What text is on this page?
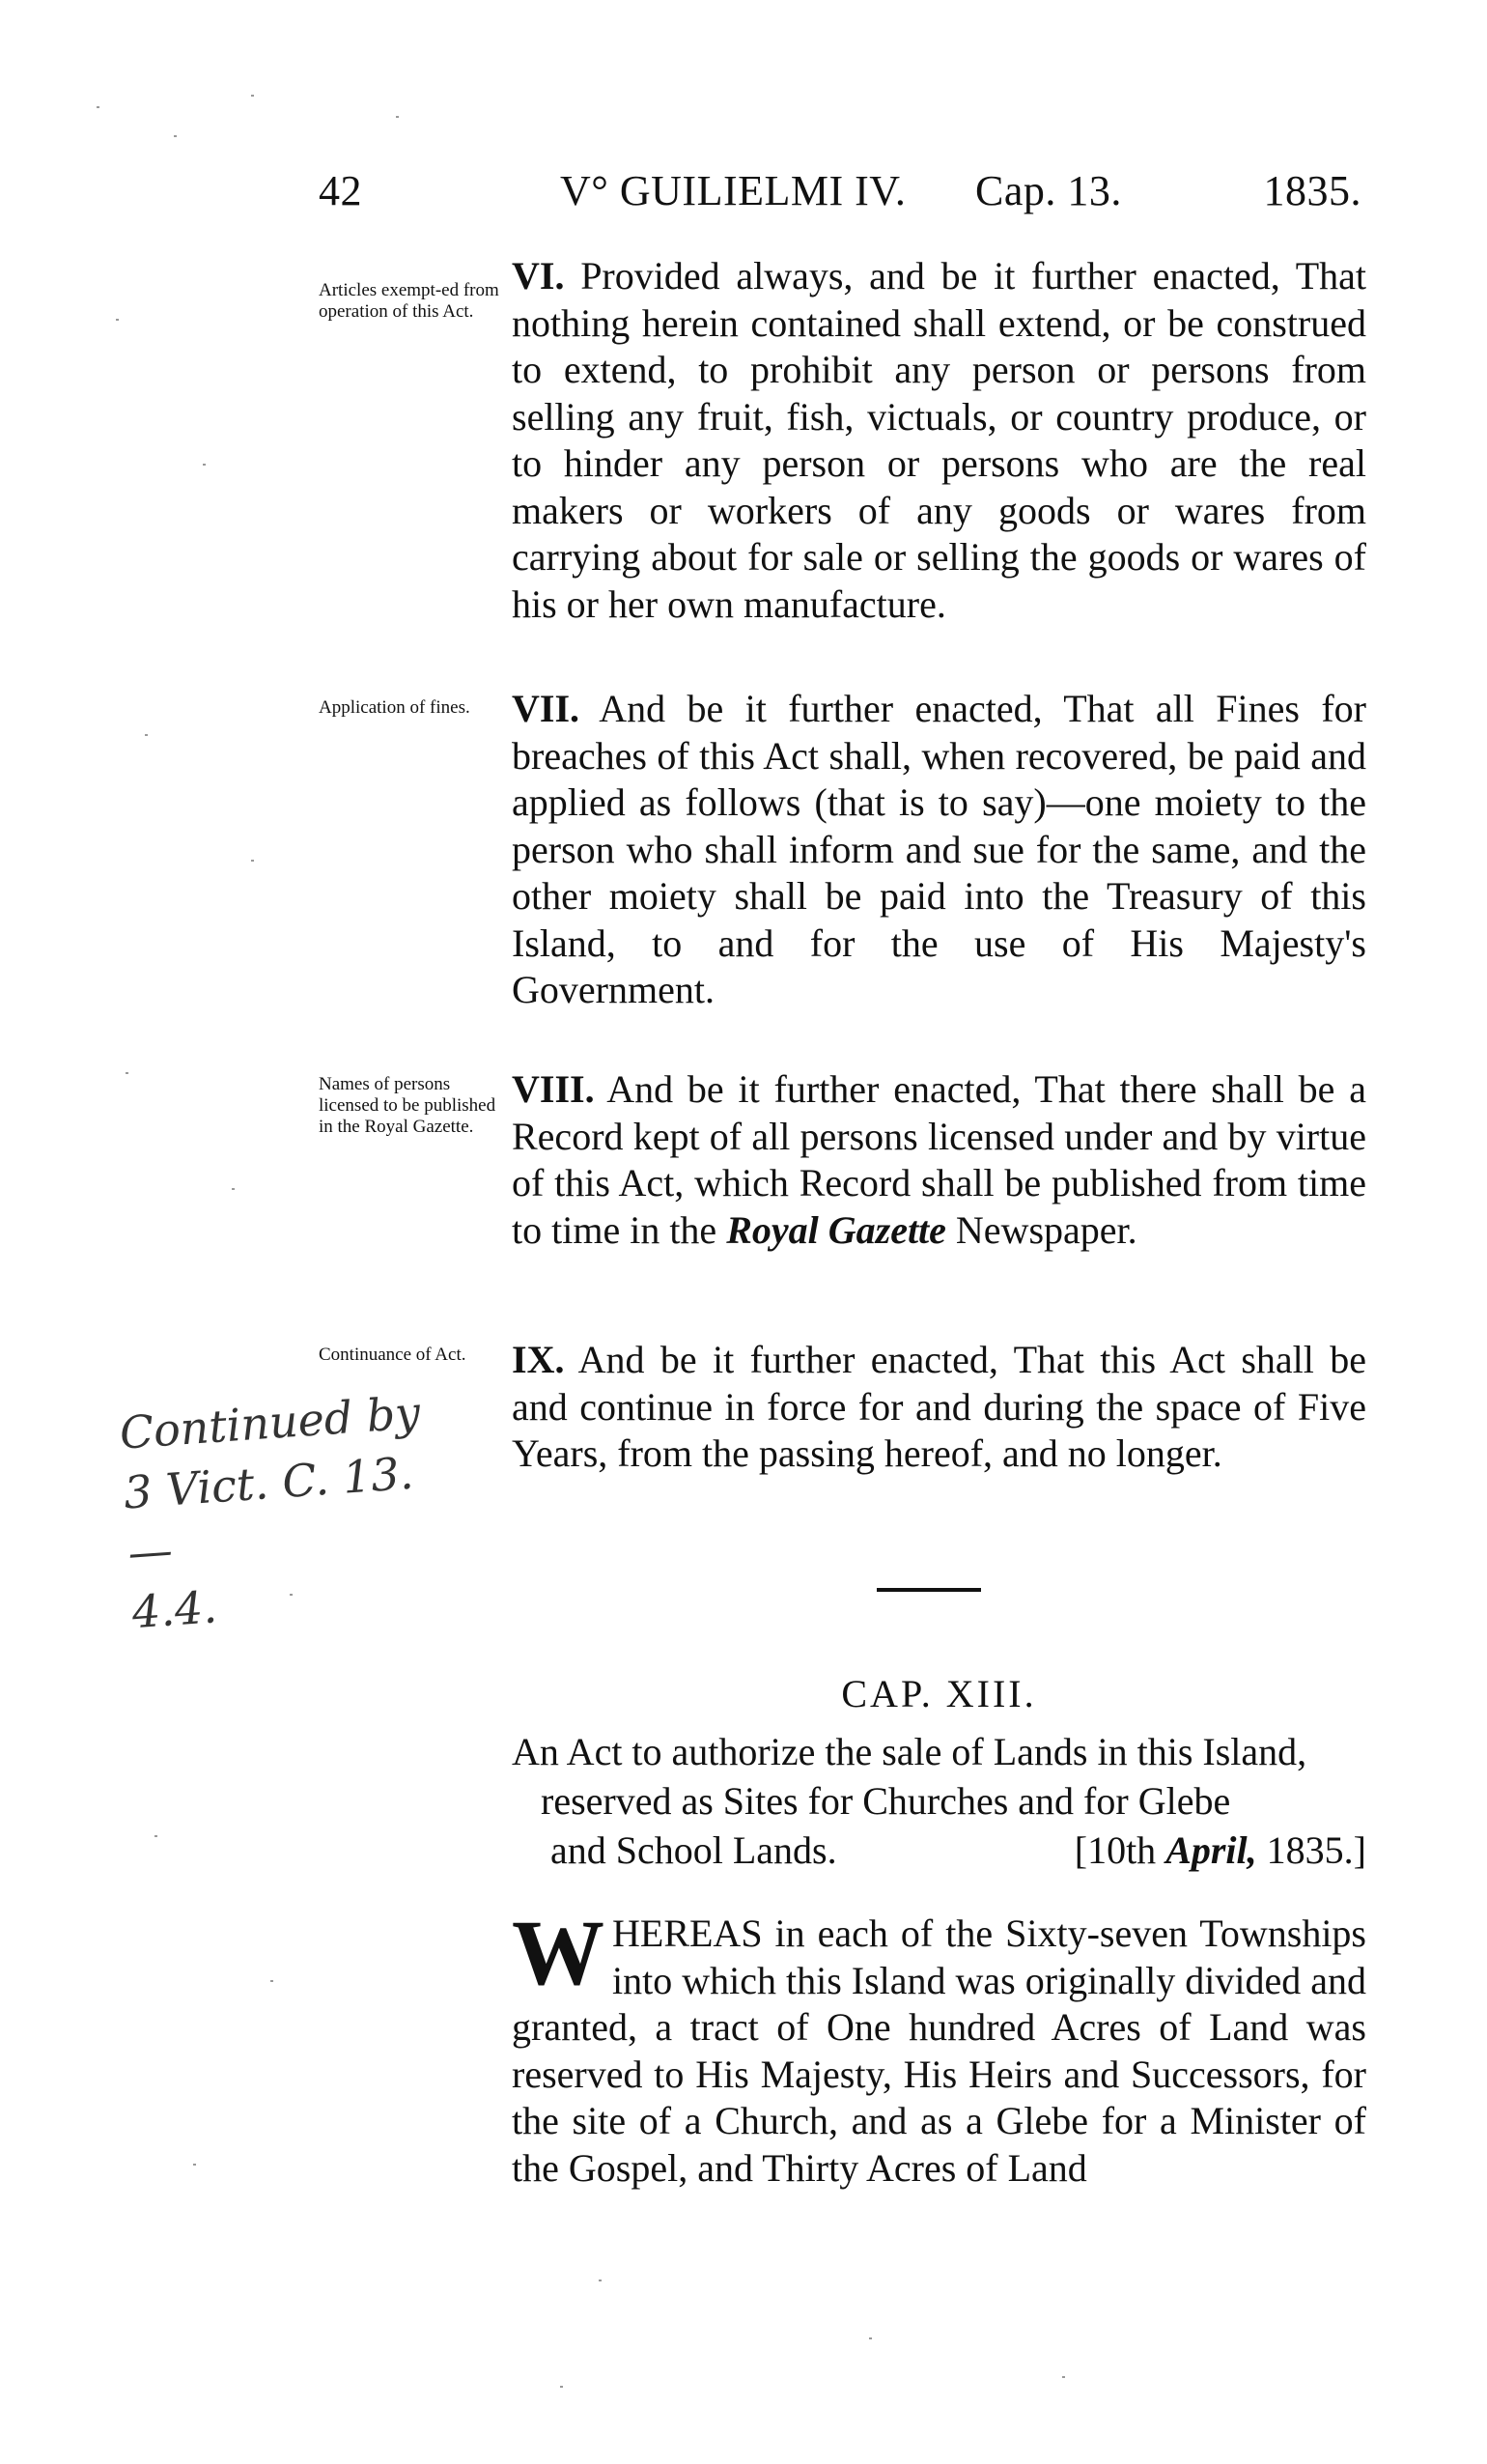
42	V° GUILIELMI IV. Cap. 13.	1835.
Articles exempt-ed from operation of this Act.

VI. Provided always, and be it further enacted, That nothing herein contained shall extend, or be construed to extend, to prohibit any person or persons from selling any fruit, fish, victuals, or country produce, or to hinder any person or persons who are the real makers or workers of any goods or wares from carrying about for sale or selling the goods or wares of his or her own manufacture.

Application of fines.	VII. And be it further enacted, That all Fines for breaches of this Act shall, when recovered, be paid and applied as follows (that is to say)—one moiety to the person who shall inform and sue for the same, and the other moiety shall be paid into the Treasury of this Island, to and for the use of His Majesty's Government.

Names of persons licensed to be published in the Royal Gazette.

VIII. And be it further enacted, That there shall be a Record kept of all persons licensed under and by virtue of this Act, which Record shall be published from time to time in the Royal Gazette Newspaper.

Continuance of Act.	IX. And be it further enacted, That this Act shall be and continue in force for and during the space of Five Years, from the passing hereof, and no longer.

Continued by
3 Vict. C. 13. —
4.4.
CAP. XIII.
An Act to authorize the sale of Lands in this Island,
reserved as Sites for Churches and for Glebe
and School Lands.	[10th April, 1835.]
W HEREAS in each of the Sixty-seven Townships into which this Island was originally divided and granted, a tract of One hundred Acres of Land was reserved to His Majesty, His Heirs and Successors, for the site of a Church, and as a Glebe for a Minister of the Gospel, and Thirty Acres of Land
